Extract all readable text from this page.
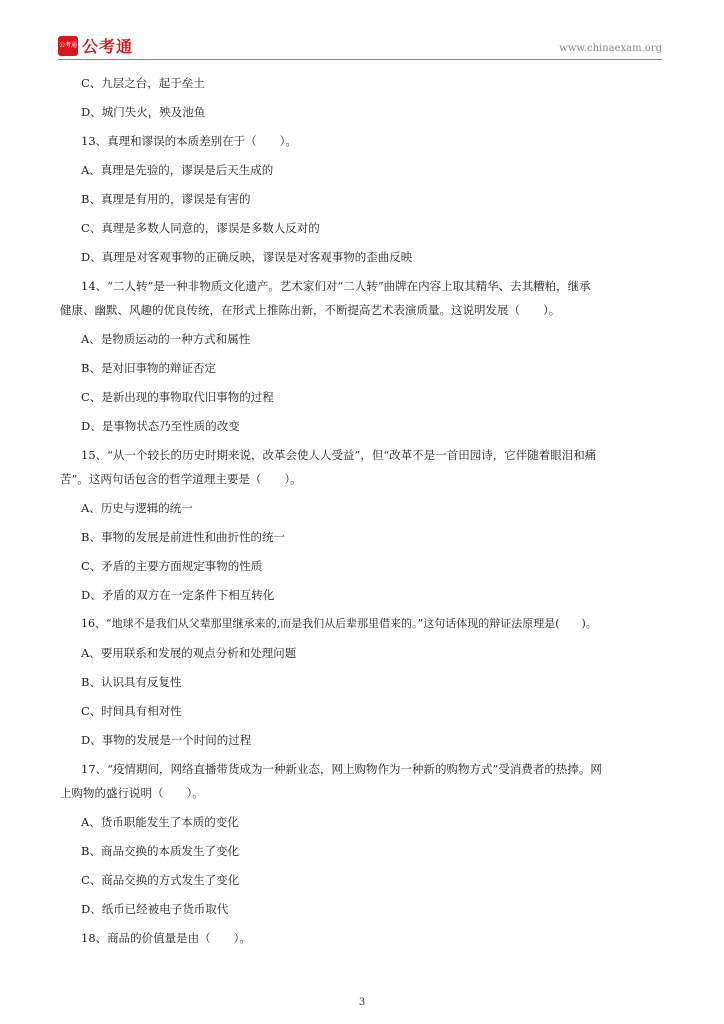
公考通 公考通	www.chinaexam.org
C、九层之台，起于垒土
D、城门失火，殃及池鱼
13、真理和谬误的本质差别在于（　　）。
A、真理是先验的，谬误是后天生成的
B、真理是有用的，谬误是有害的
C、真理是多数人同意的，谬误是多数人反对的
D、真理是对客观事物的正确反映，谬误是对客观事物的歪曲反映
14、“二人转”是一种非物质文化遗产。艺术家们对“二人转”曲牌在内容上取其精华、去其糟粕，继承
健康、幽默、风趣的优良传统，在形式上推陈出新，不断提高艺术表演质量。这说明发展（　　）。
A、是物质运动的一种方式和属性
B、是对旧事物的辩证否定
C、是新出现的事物取代旧事物的过程
D、是事物状态乃至性质的改变
15、“从一个较长的历史时期来说，改革会使人人受益”，但“改革不是一首田园诗，它伴随着眼泪和痛
苦”。这两句话包含的哲学道理主要是（　　）。
A、历史与逻辑的统一
B、事物的发展是前进性和曲折性的统一
C、矛盾的主要方面规定事物的性质
D、矛盾的双方在一定条件下相互转化
16、“地球不是我们从父辈那里继承来的,而是我们从后辈那里借来的。”这句话体现的辩证法原理是(　　)。
A、要用联系和发展的观点分析和处理问题
B、认识具有反复性
C、时间具有相对性
D、事物的发展是一个时间的过程
17、“疫情期间，网络直播带货成为一种新业态，网上购物作为一种新的购物方式”受消费者的热捧。网
上购物的盛行说明（　　）。
A、货币职能发生了本质的变化
B、商品交换的本质发生了变化
C、商品交换的方式发生了变化
D、纸币已经被电子货币取代
18、商品的价值量是由（　　）。
3
